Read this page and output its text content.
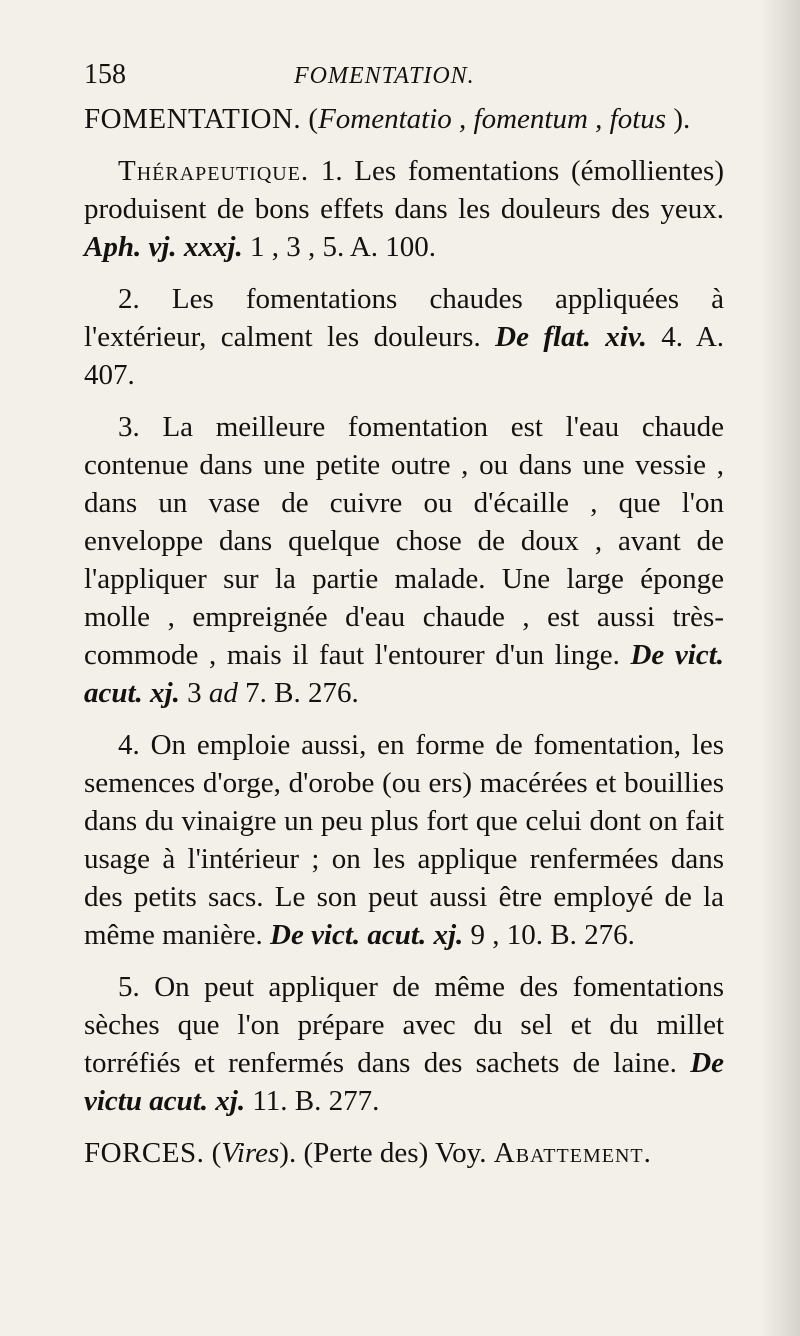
158	FOMENTATION.

FOMENTATION. (Fomentatio , fomentum , fotus ).

Thérapeutique. 1. Les fomentations (émollientes) produisent de bons effets dans les douleurs des yeux. Aph. vj. xxxj. 1 , 3 , 5. A. 100.

2. Les fomentations chaudes appliquées à l'extérieur, calment les douleurs. De flat. xiv. 4. A. 407.

3. La meilleure fomentation est l'eau chaude contenue dans une petite outre , ou dans une vessie , dans un vase de cuivre ou d'écaille , que l'on enveloppe dans quelque chose de doux , avant de l'appliquer sur la partie malade. Une large éponge molle , empreignée d'eau chaude , est aussi très-commode , mais il faut l'entourer d'un linge. De vict. acut. xj. 3 ad 7. B. 276.

4. On emploie aussi, en forme de fomentation, les semences d'orge, d'orobe (ou ers) macérées et bouillies dans du vinaigre un peu plus fort que celui dont on fait usage à l'intérieur ; on les applique renfermées dans des petits sacs. Le son peut aussi être employé de la même manière. De vict. acut. xj. 9 , 10. B. 276.

5. On peut appliquer de même des fomentations sèches que l'on prépare avec du sel et du millet torréfiés et renfermés dans des sachets de laine. De victu acut. xj. 11. B. 277.

FORCES. (Vires). (Perte des) Voy. Abattement.
